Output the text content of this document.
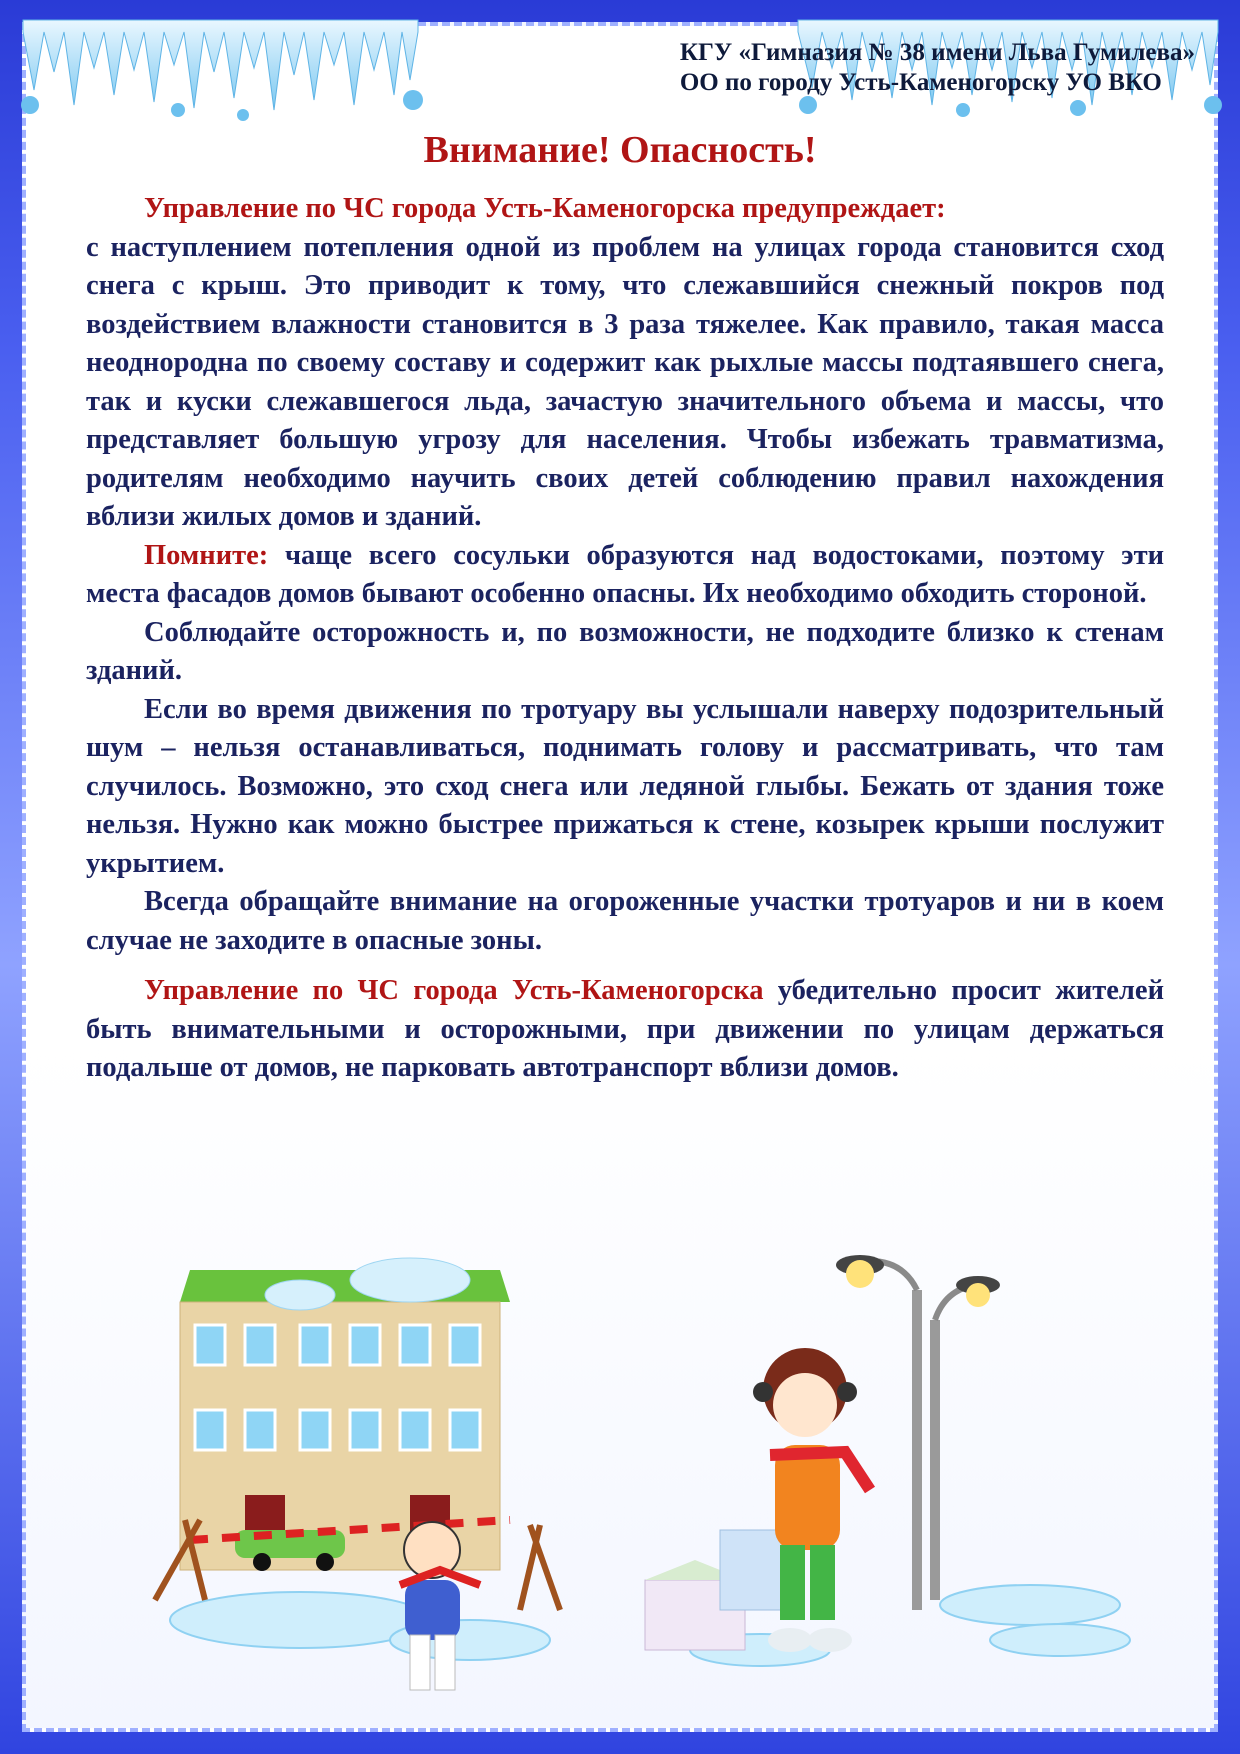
КГУ «Гимназия № 38 имени Льва Гумилева»
ОО по городу Усть-Каменогорску УО ВКО
Внимание! Опасность!

Управление по ЧС города Усть-Каменогорска предупреждает:

с наступлением потепления одной из проблем на улицах города становится сход снега с крыш. Это приводит к тому, что слежавшийся снежный покров под воздействием влажности становится в 3 раза тяжелее. Как правило, такая масса неоднородна по своему составу и содержит как рыхлые массы подтаявшего снега, так и куски слежавшегося льда, зачастую значительного объема и массы, что представляет большую угрозу для населения. Чтобы избежать травматизма, родителям необходимо научить своих детей соблюдению правил нахождения вблизи жилых домов и зданий.

Помните: чаще всего сосульки образуются над водостоками, поэтому эти места фасадов домов бывают особенно опасны. Их необходимо обходить стороной.

Соблюдайте осторожность и, по возможности, не подходите близко к стенам зданий.

Если во время движения по тротуару вы услышали наверху подозрительный шум – нельзя останавливаться, поднимать голову и рассматривать, что там случилось. Возможно, это сход снега или ледяной глыбы. Бежать от здания тоже нельзя. Нужно как можно быстрее прижаться к стене, козырек крыши послужит укрытием.

Всегда обращайте внимание на огороженные участки тротуаров и ни в коем случае не заходите в опасные зоны.

Управление по ЧС города Усть-Каменогорска убедительно просит жителей быть внимательными и осторожными, при движении по улицам держаться подальше от домов, не парковать автотранспорт вблизи домов.
